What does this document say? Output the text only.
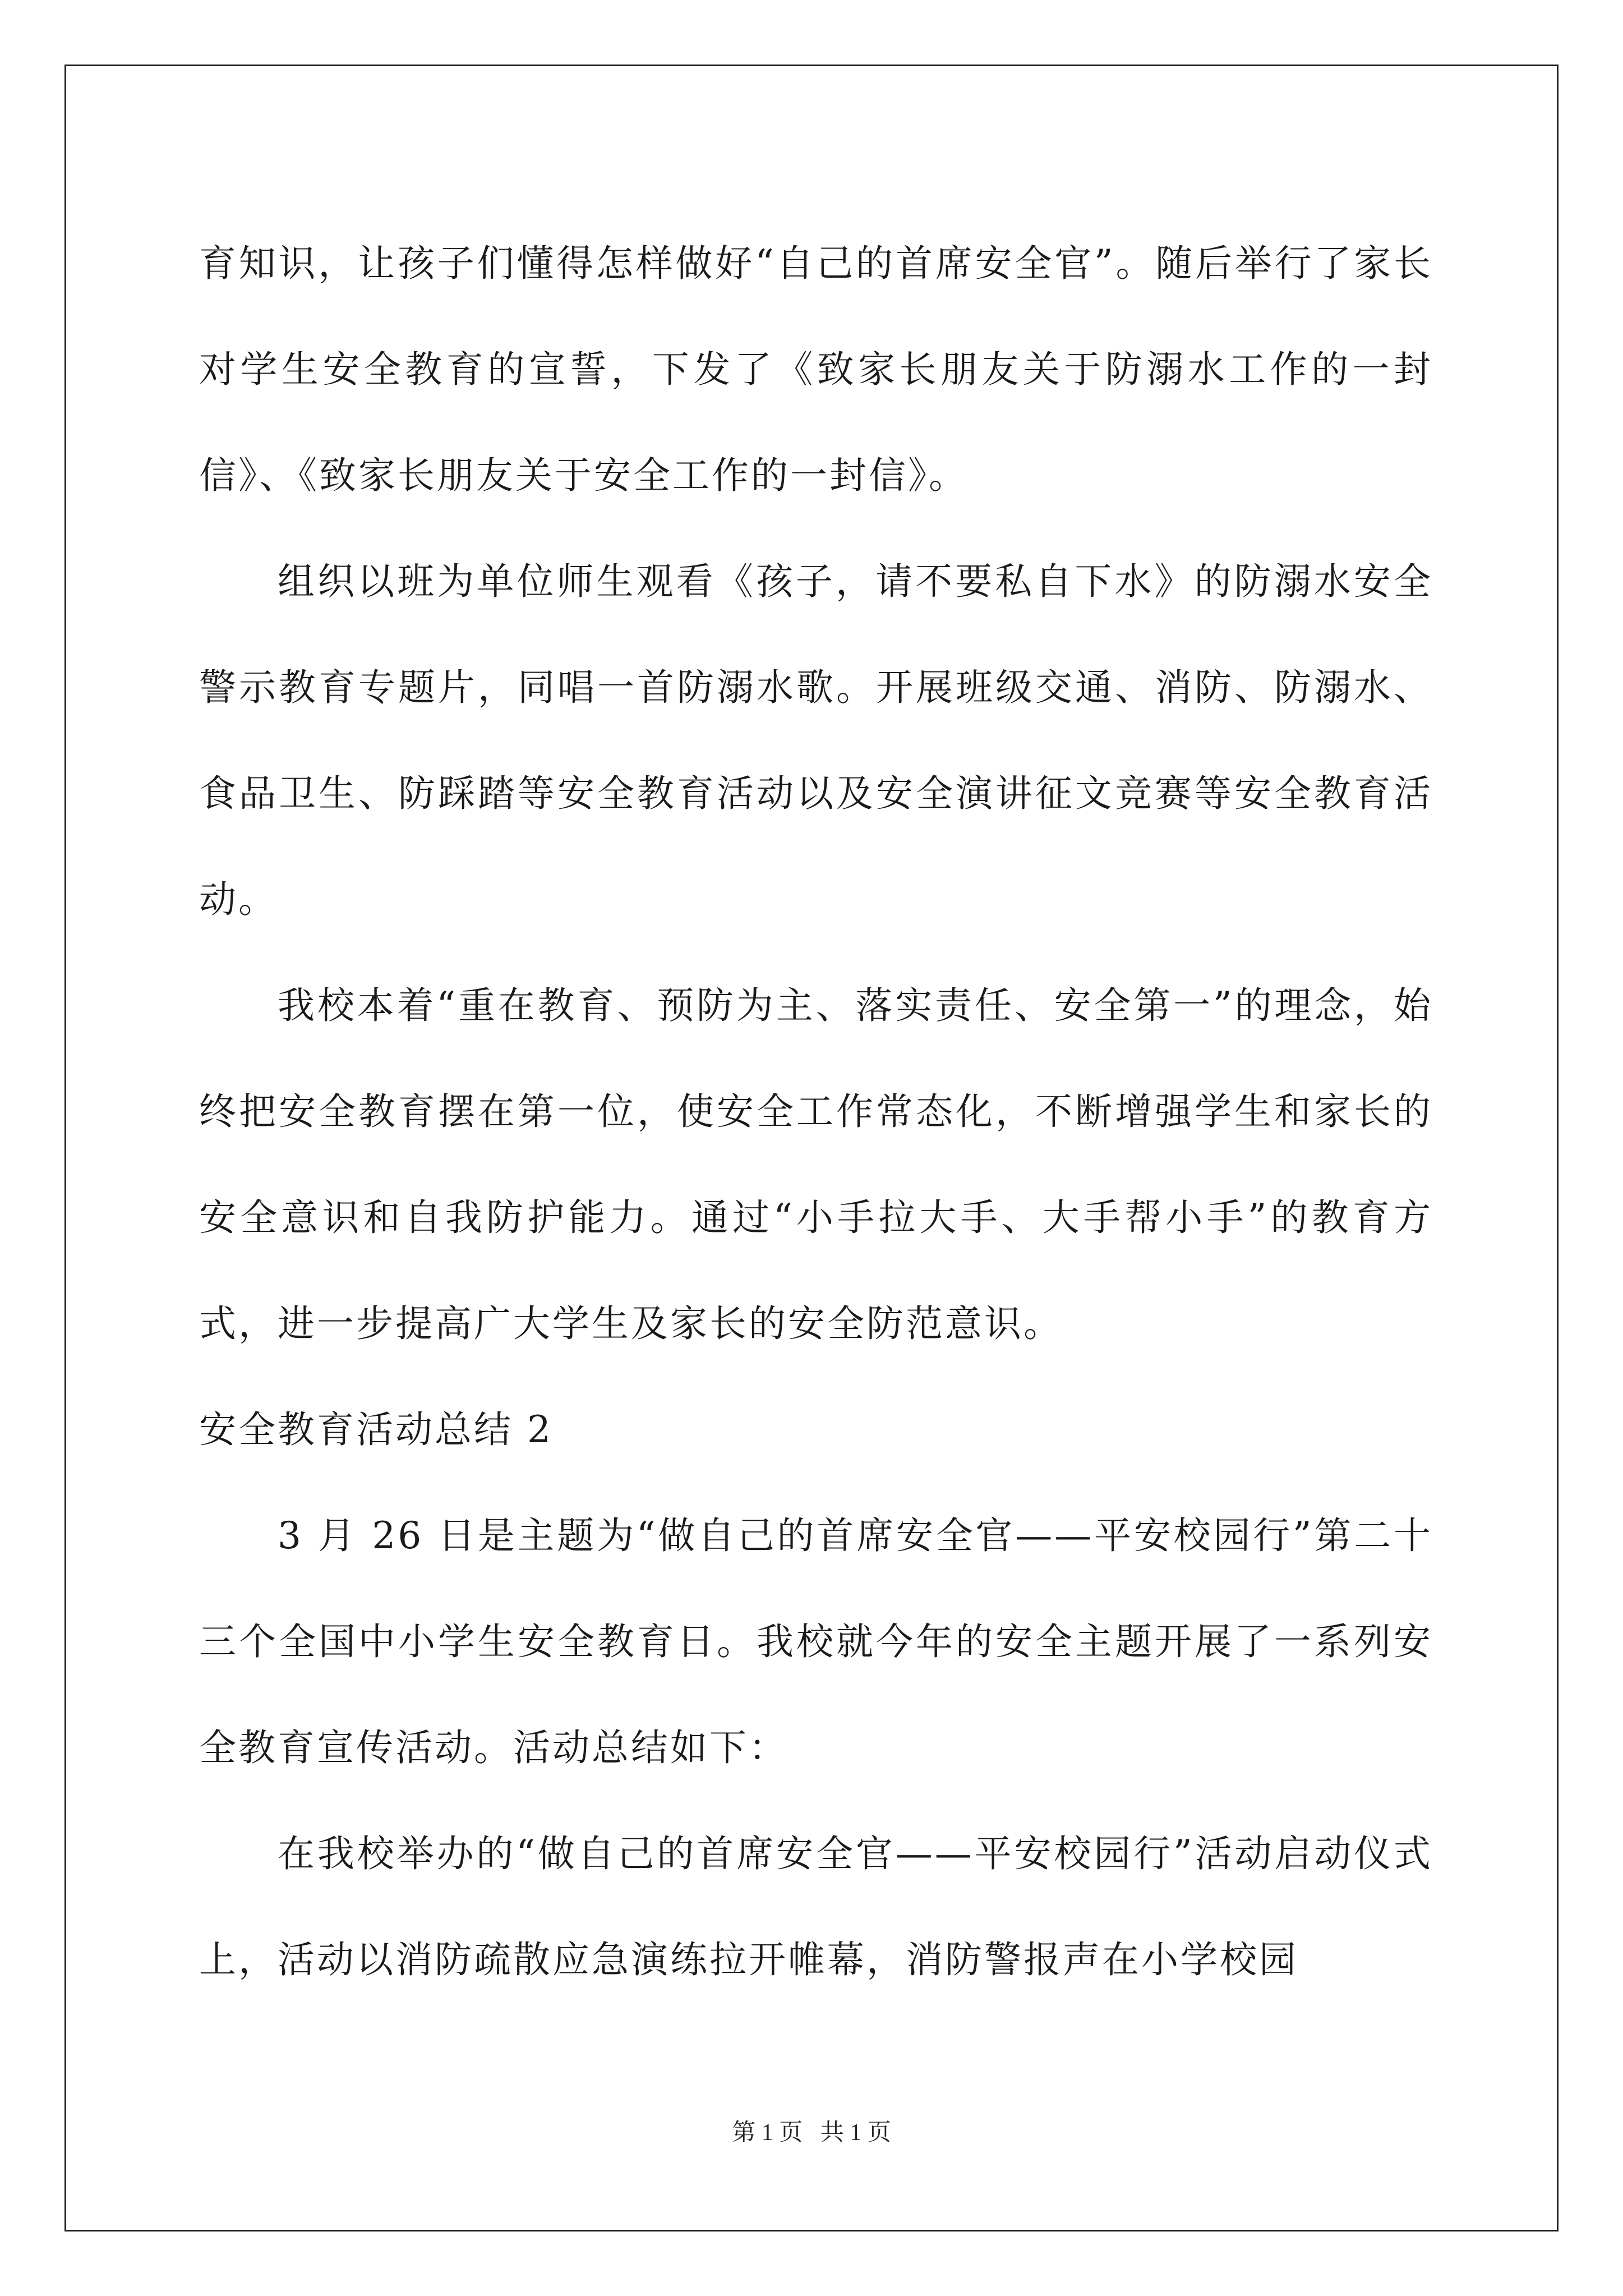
育知识，让孩子们懂得怎样做好“自己的首席安全官”。随后举行了家长对学生安全教育的宣誓，下发了《致家长朋友关于防溺水工作的一封信》、《致家长朋友关于安全工作的一封信》。

组织以班为单位师生观看《孩子，请不要私自下水》的防溺水安全警示教育专题片，同唱一首防溺水歌。开展班级交通、消防、防溺水、食品卫生、防踩踏等安全教育活动以及安全演讲征文竞赛等安全教育活动。

我校本着“重在教育、预防为主、落实责任、安全第一”的理念，始终把安全教育摆在第一位，使安全工作常态化，不断增强学生和家长的安全意识和自我防护能力。通过“小手拉大手、大手帮小手”的教育方式，进一步提高广大学生及家长的安全防范意识。

安全教育活动总结 2

3 月 26 日是主题为“做自己的首席安全官——平安校园行”第二十三个全国中小学生安全教育日。我校就今年的安全主题开展了一系列安全教育宣传活动。活动总结如下：

在我校举办的“做自己的首席安全官——平安校园行”活动启动仪式上，活动以消防疏散应急演练拉开帷幕，消防警报声在小学校园

第 1 页   共 1 页
